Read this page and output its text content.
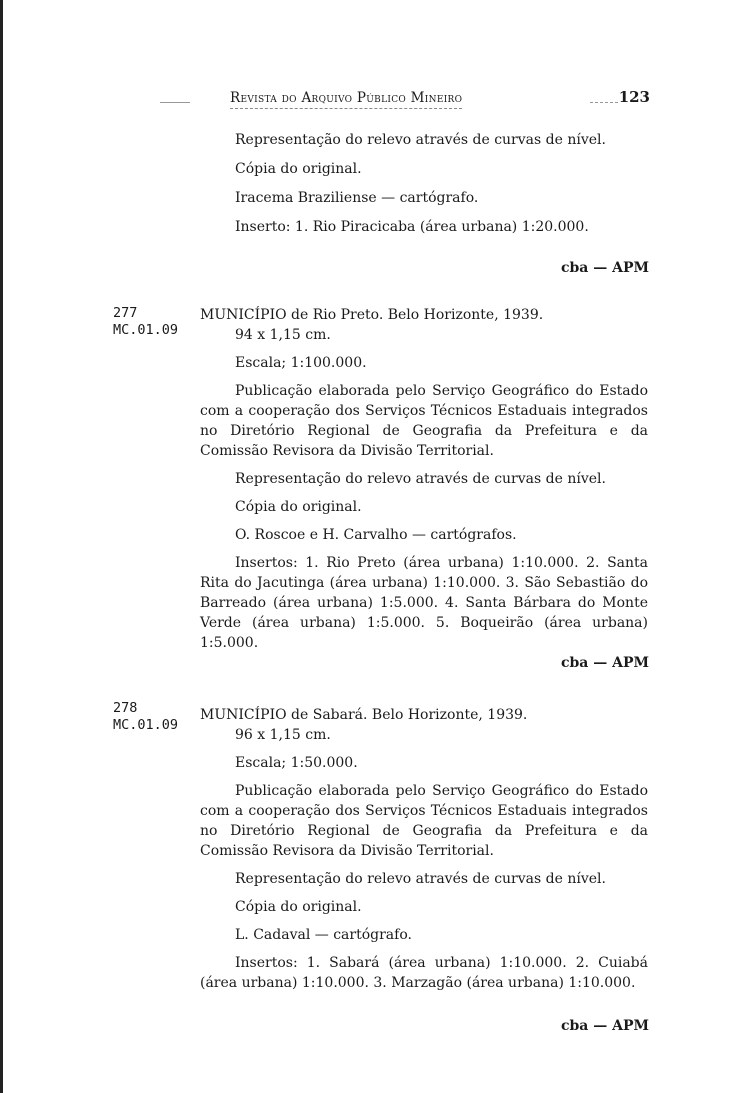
Revista do Arquivo Público Mineiro	123

Representação do relevo através de curvas de nível.

Cópia do original.

Iracema Braziliense — cartógrafo.

Inserto: 1. Rio Piracicaba (área urbana) 1:20.000.

cba — APM
277
MC.01.09

MUNICÍPIO de Rio Preto. Belo Horizonte, 1939.

94 x 1,15 cm.

Escala; 1:100.000.

Publicação elaborada pelo Serviço Geográfico do Estado com a cooperação dos Serviços Técnicos Estaduais integrados no Diretório Regional de Geografia da Prefeitura e da Comissão Revisora da Divisão Territorial.

Representação do relevo através de curvas de nível.

Cópia do original.

O. Roscoe e H. Carvalho — cartógrafos.

Insertos: 1. Rio Preto (área urbana) 1:10.000. 2. Santa Rita do Jacutinga (área urbana) 1:10.000. 3. São Sebastião do Barreado (área urbana) 1:5.000. 4. Santa Bárbara do Monte Verde (área urbana) 1:5.000. 5. Boqueirão (área urbana) 1:5.000.

cba — APM
278
MC.01.09

MUNICÍPIO de Sabará. Belo Horizonte, 1939.

96 x 1,15 cm.

Escala; 1:50.000.

Publicação elaborada pelo Serviço Geográfico do Estado com a cooperação dos Serviços Técnicos Estaduais integrados no Diretório Regional de Geografia da Prefeitura e da Comissão Revisora da Divisão Territorial.

Representação do relevo através de curvas de nível.

Cópia do original.

L. Cadaval — cartógrafo.

Insertos: 1. Sabará (área urbana) 1:10.000. 2. Cuiabá (área urbana) 1:10.000. 3. Marzagão (área urbana) 1:10.000.

cba — APM
